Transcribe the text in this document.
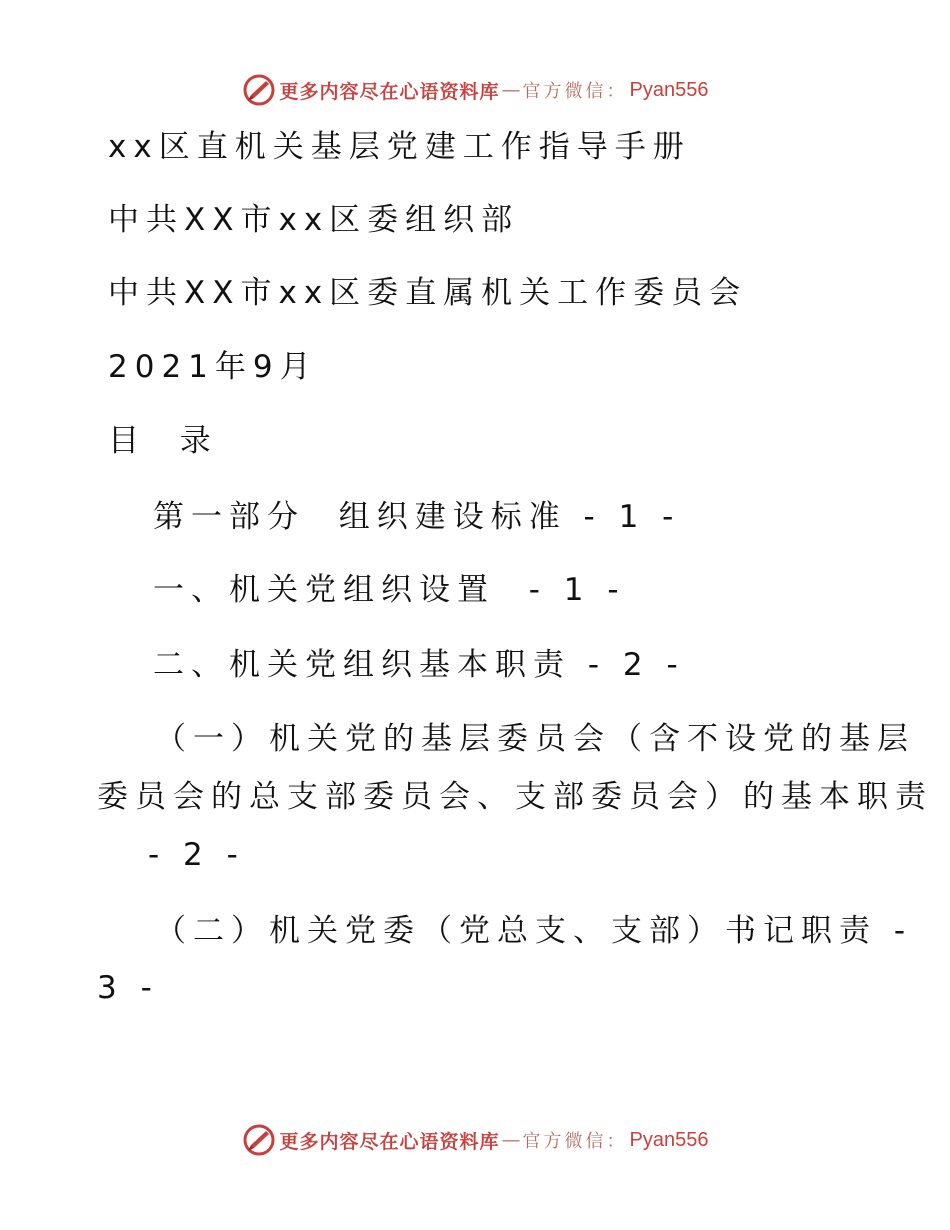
更多内容尽在心语资料库 — 官方微信： Pyan556
xx区直机关基层党建工作指导手册
中共XX市xx区委组织部
中共XX市xx区委直属机关工作委员会
2021年9月
目  录
第一部分  组织建设标准 - 1 -
一、机关党组织设置  - 1 -
二、机关党组织基本职责 - 2 -
（一）机关党的基层委员会（含不设党的基层
委员会的总支部委员会、支部委员会）的基本职责
- 2 -
（二）机关党委（党总支、支部）书记职责 -
3 -
更多内容尽在心语资料库 — 官方微信： Pyan556
